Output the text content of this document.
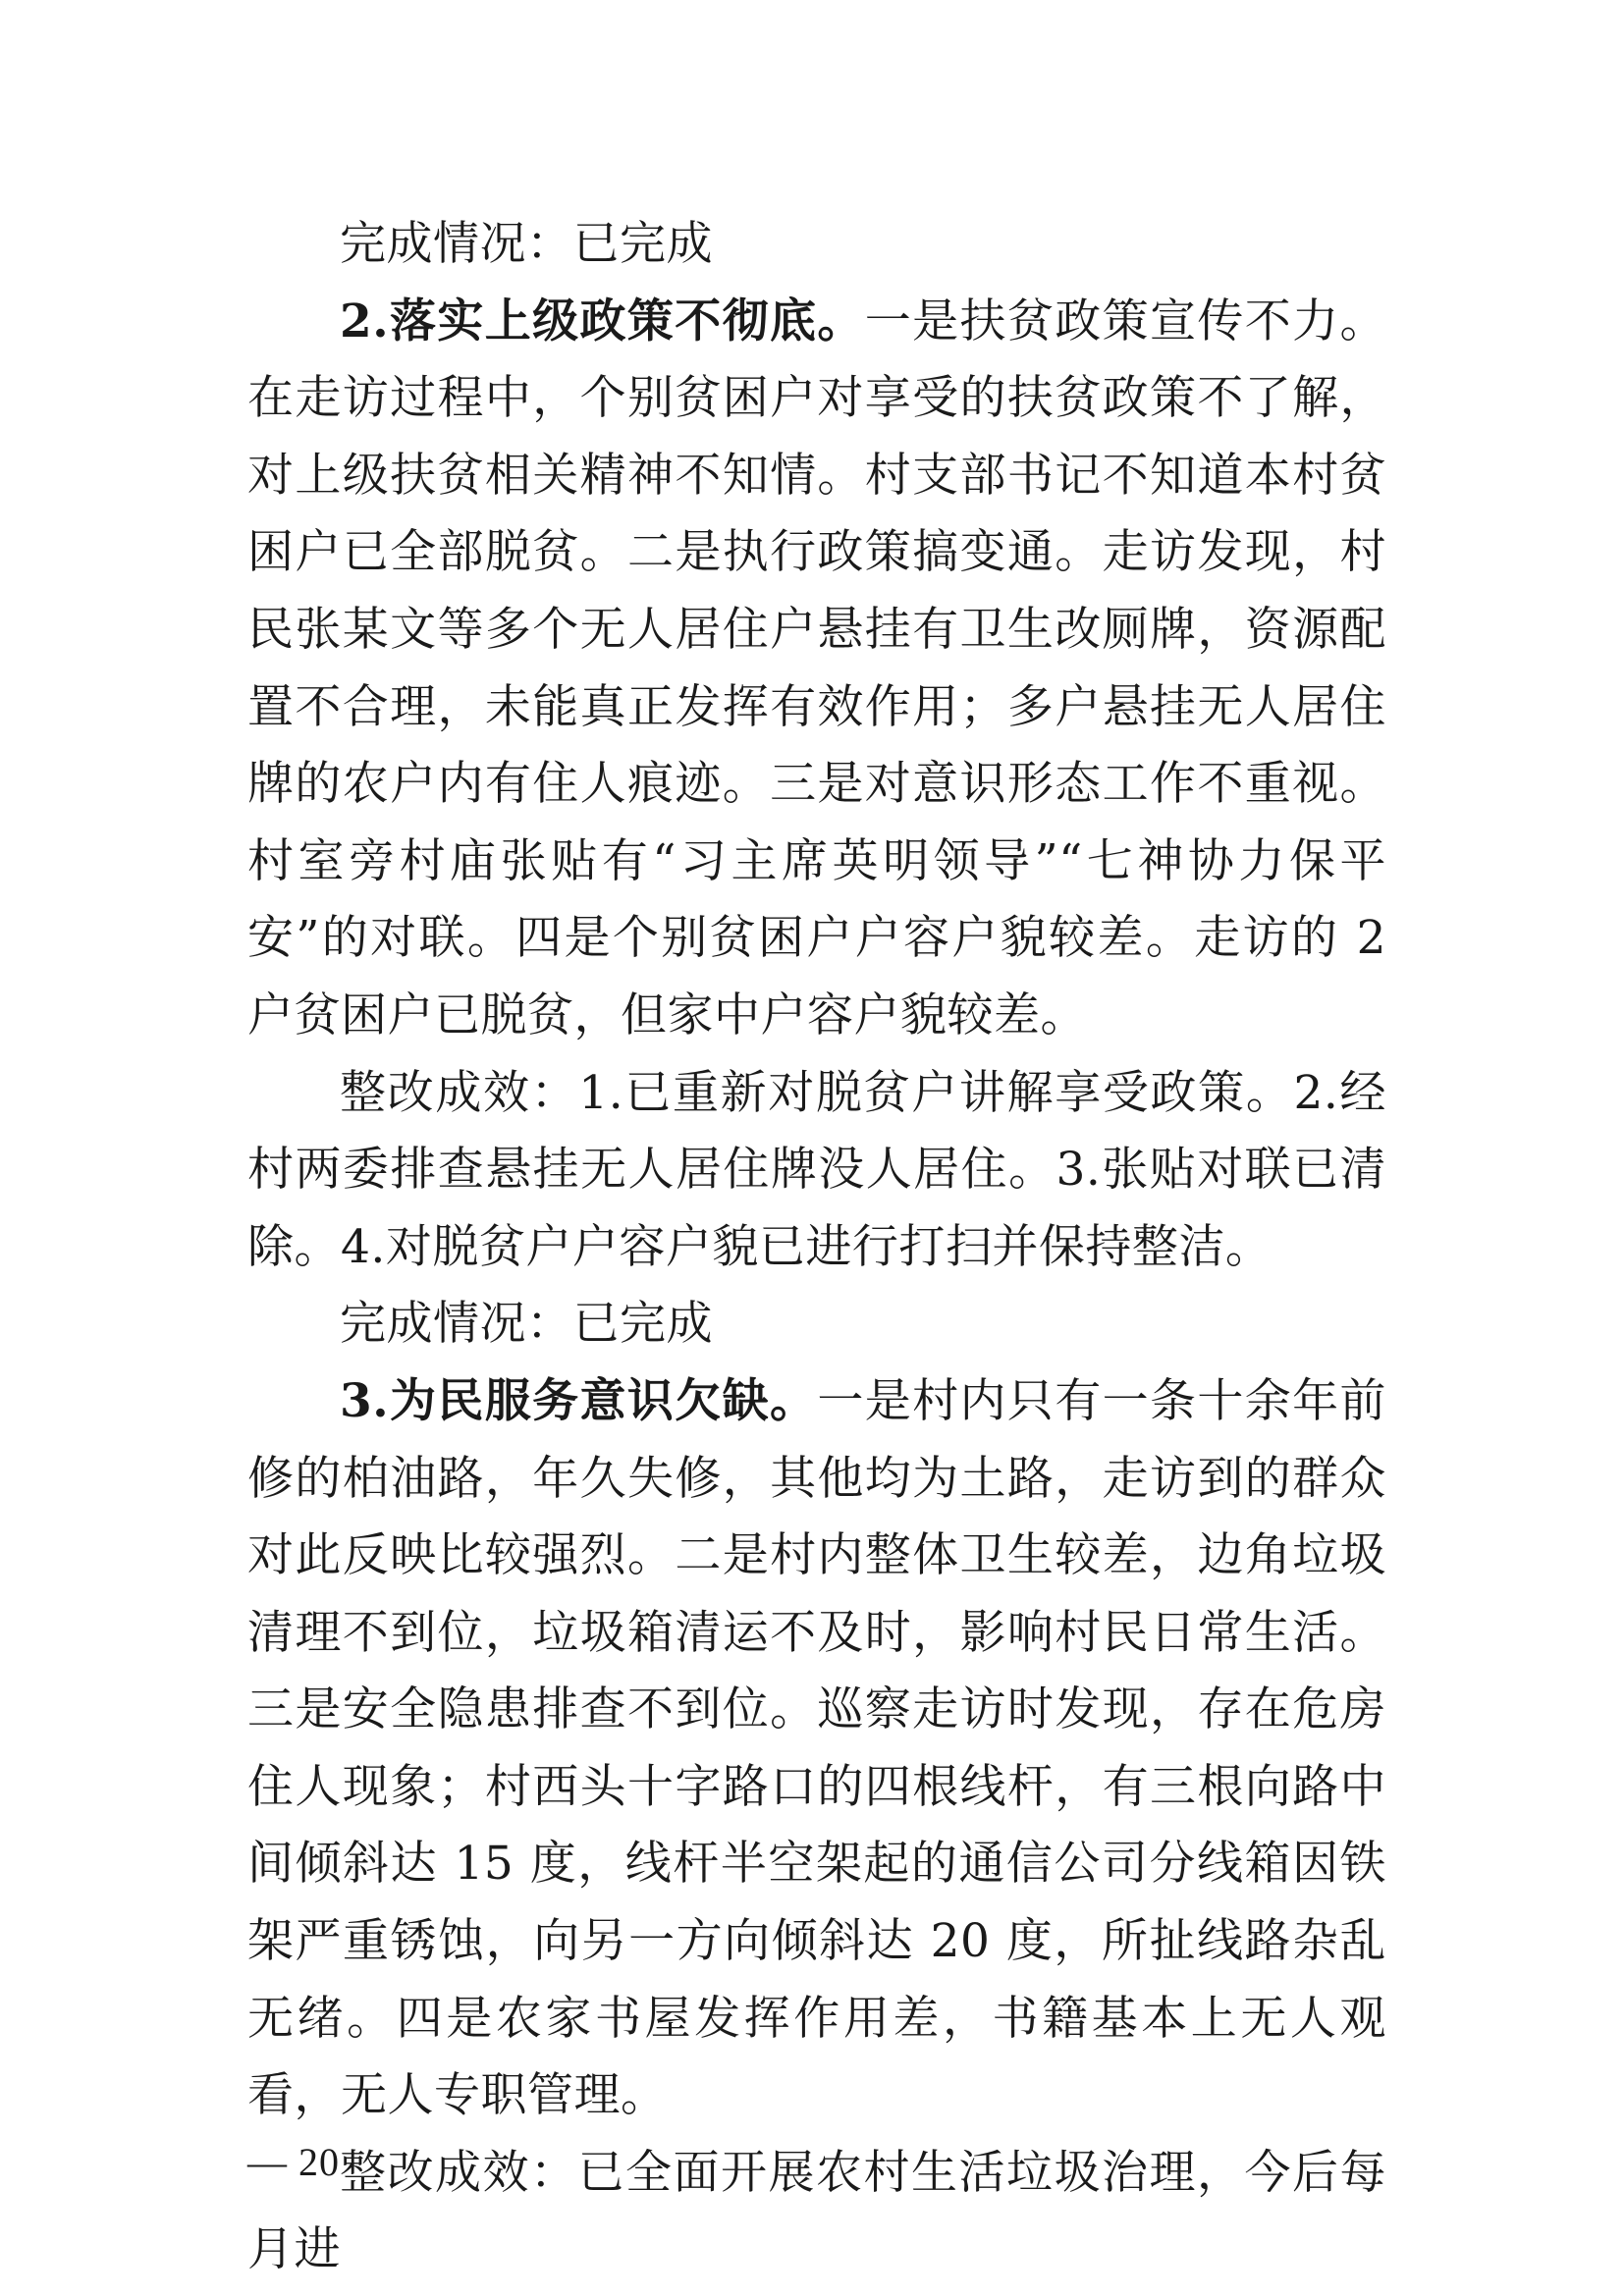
完成情况：已完成

2.落实上级政策不彻底。一是扶贫政策宣传不力。在走访过程中，个别贫困户对享受的扶贫政策不了解，对上级扶贫相关精神不知情。村支部书记不知道本村贫困户已全部脱贫。二是执行政策搞变通。走访发现，村民张某文等多个无人居住户悬挂有卫生改厕牌，资源配置不合理，未能真正发挥有效作用；多户悬挂无人居住牌的农户内有住人痕迹。三是对意识形态工作不重视。村室旁村庙张贴有“习主席英明领导”“七神协力保平安”的对联。四是个别贫困户户容户貌较差。走访的 2 户贫困户已脱贫，但家中户容户貌较差。

整改成效：1.已重新对脱贫户讲解享受政策。2.经村两委排查悬挂无人居住牌没人居住。3.张贴对联已清除。4.对脱贫户户容户貌已进行打扫并保持整洁。

完成情况：已完成

3.为民服务意识欠缺。一是村内只有一条十余年前修的柏油路，年久失修，其他均为土路，走访到的群众对此反映比较强烈。二是村内整体卫生较差，边角垃圾清理不到位，垃圾箱清运不及时，影响村民日常生活。三是安全隐患排查不到位。巡察走访时发现，存在危房住人现象；村西头十字路口的四根线杆，有三根向路中间倾斜达 15 度，线杆半空架起的通信公司分线箱因铁架严重锈蚀，向另一方向倾斜达 20 度，所扯线路杂乱无绪。四是农家书屋发挥作用差，书籍基本上无人观看，无人专职管理。

整改成效：已全面开展农村生活垃圾治理，今后每月进

— 20
